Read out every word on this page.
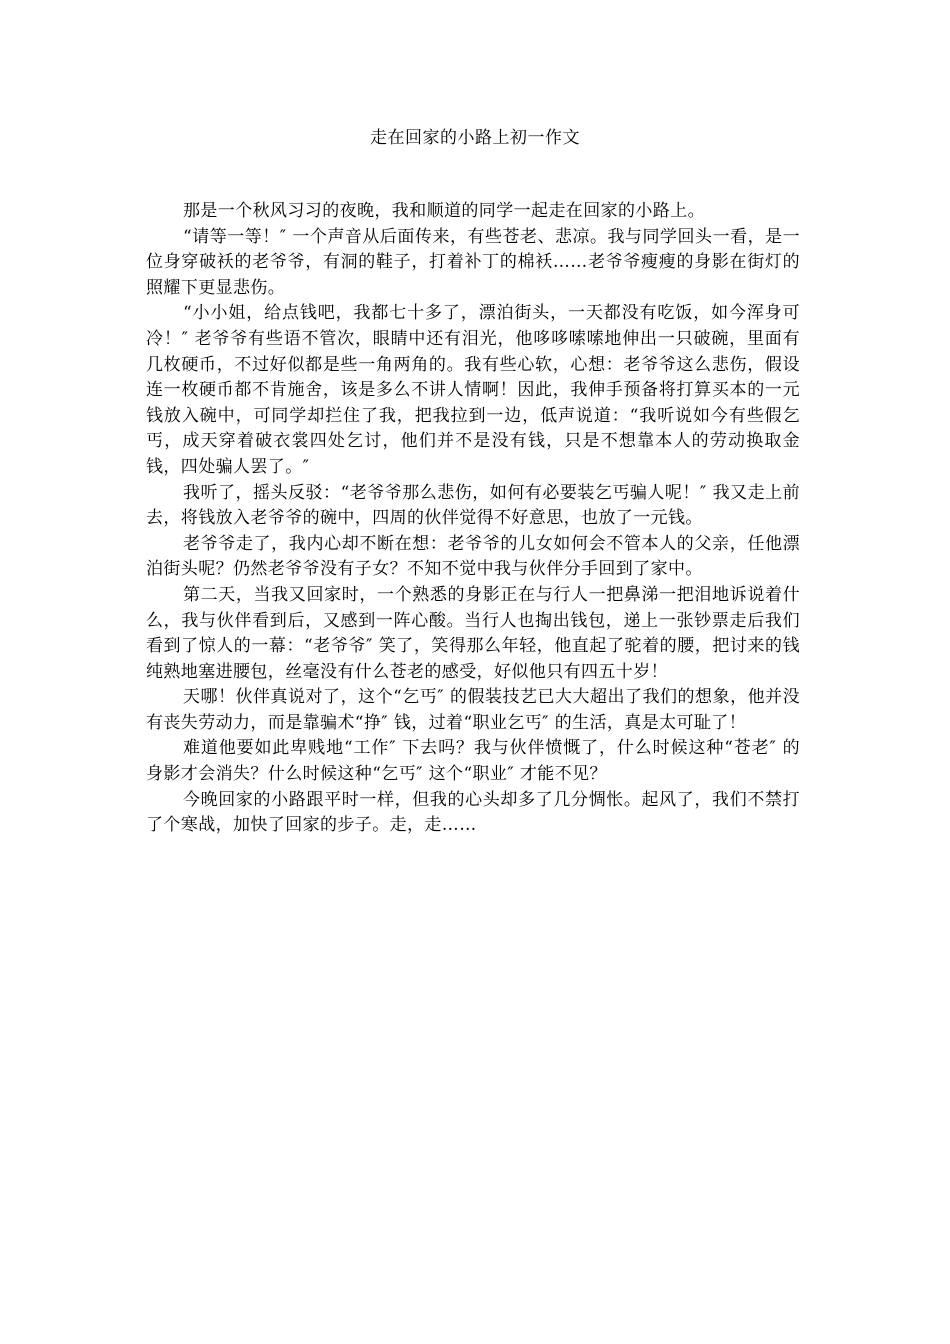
走在回家的小路上初一作文

那是一个秋风习习的夜晚，我和顺道的同学一起走在回家的小路上。

“请等一等！″ 一个声音从后面传来，有些苍老、悲凉。我与同学回头一看，是一位身穿破袄的老爷爷，有洞的鞋子，打着补丁的棉袄……老爷爷瘦瘦的身影在街灯的照耀下更显悲伤。

“小小姐，给点钱吧，我都七十多了，漂泊街头，一天都没有吃饭，如今浑身可冷！″ 老爷爷有些语不管次，眼睛中还有泪光，他哆哆嗦嗦地伸出一只破碗，里面有几枚硬币，不过好似都是些一角两角的。我有些心软，心想：老爷爷这么悲伤，假设连一枚硬币都不肯施舍，该是多么不讲人情啊！因此，我伸手预备将打算买本的一元钱放入碗中，可同学却拦住了我，把我拉到一边，低声说道：“我听说如今有些假乞丐，成天穿着破衣裳四处乞讨，他们并不是没有钱，只是不想靠本人的劳动换取金钱，四处骗人罢了。″

我听了，摇头反驳：“老爷爷那么悲伤，如何有必要装乞丐骗人呢！″ 我又走上前去，将钱放入老爷爷的碗中，四周的伙伴觉得不好意思，也放了一元钱。

老爷爷走了，我内心却不断在想：老爷爷的儿女如何会不管本人的父亲，任他漂泊街头呢？仍然老爷爷没有子女？不知不觉中我与伙伴分手回到了家中。

第二天，当我又回家时，一个熟悉的身影正在与行人一把鼻涕一把泪地诉说着什么，我与伙伴看到后，又感到一阵心酸。当行人也掏出钱包，递上一张钞票走后我们看到了惊人的一幕：“老爷爷″ 笑了，笑得那么年轻，他直起了驼着的腰，把讨来的钱纯熟地塞进腰包，丝毫没有什么苍老的感受，好似他只有四五十岁！

天哪！伙伴真说对了，这个“乞丐″ 的假装技艺已大大超出了我们的想象，他并没有丧失劳动力，而是靠骗术“挣″ 钱，过着“职业乞丐″ 的生活，真是太可耻了！

难道他要如此卑贱地“工作″ 下去吗？我与伙伴愤慨了，什么时候这种“苍老″ 的身影才会消失？什么时候这种“乞丐″ 这个“职业″ 才能不见？

今晚回家的小路跟平时一样，但我的心头却多了几分惆怅。起风了，我们不禁打了个寒战，加快了回家的步子。走，走……
